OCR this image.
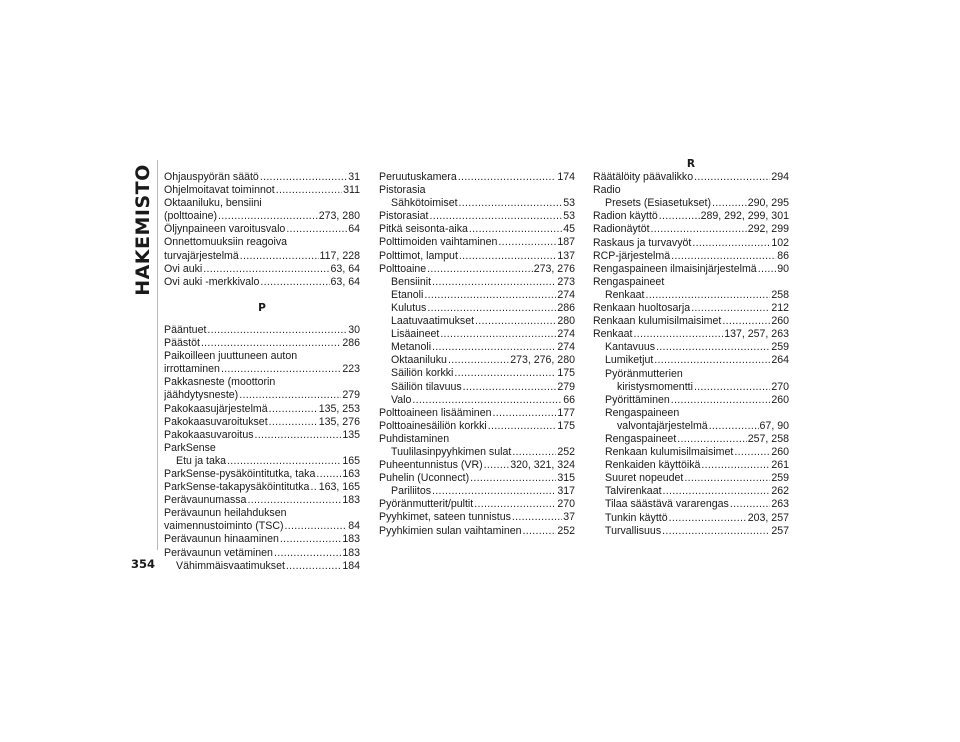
HAKEMISTO
354
Ohjauspyörän säätö .....	31
Ohjelmoitavat toiminnot .....	311
Oktaaniluku, bensiini
(polttoaine) .....	273, 280
Öljynpaineen varoitusvalo .....	64
Onnettomuuksiin reagoiva
turvajärjestelmä .....	117, 228
Ovi auki .....	63, 64
Ovi auki -merkkivalo .....	63, 64
P
Pääntuet .....	30
Päästöt .....	286
Paikoilleen juuttuneen auton
irrottaminen .....	223
Pakkasneste (moottorin
jäähdytysneste) .....	279
Pakokaasujärjestelmä .....	135, 253
Pakokaasuvaroitukset .....	135, 276
Pakokaasuvaroitus .....	135
ParkSense
Etu ja taka .....	165
ParkSense-pysäköintitutka, taka .....	163
ParkSense-takapysäköintitutka ..... 163, 165
Perävaunumassa .....	183
Perävaunun heilahduksen
vaimennustoiminto (TSC) .....	84
Perävaunun hinaaminen .....	183
Perävaunun vetäminen .....	183
Vähimmäisvaatimukset .....	184
Peruutuskamera .....	174
Pistorasia
Sähkötoimiset .....	53
Pistorasiat .....	53
Pitkä seisonta-aika .....	45
Polttimoiden vaihtaminen .....	187
Polttimot, lamput .....	137
Polttoaine .....	273, 276
Bensiinit .....	273
Etanoli .....	274
Kulutus .....	286
Laatuvaatimukset .....	280
Lisäaineet .....	274
Metanoli .....	274
Oktaaniluku .....	273, 276, 280
Säiliön korkki .....	175
Säiliön tilavuus .....	279
Valo .....	66
Polttoaineen lisääminen .....	177
Polttoainesäiliön korkki .....	175
Puhdistaminen
Tuulilasinpyyhkimen sulat .....	252
Puheentunnistus (VR) .....	320, 321, 324
Puhelin (Uconnect) .....	315
Pariliitos .....	317
Pyöränmutterit/pultit .....	270
Pyyhkimet, sateen tunnistus .....	37
Pyyhkimien sulan vaihtaminen .....	252
R
Räätälöity päävalikko .....	294
Radio
Presets (Esiasetukset) .....	290, 295
Radion käyttö .....	289, 292, 299, 301
Radionäytöt .....	292, 299
Raskaus ja turvavyöt .....	102
RCP-järjestelmä .....	86
Rengaspaineen ilmaisinjärjestelmä ..... 90
Rengaspaineet
Renkaat .....	258
Renkaan huoltosarja .....	212
Renkaan kulumisilmaisimet .....	260
Renkaat .....	137, 257, 263
Kantavuus .....	259
Lumiketjut .....	264
Pyöränmutterien
kiristysmomentti .....	270
Pyörittäminen .....	260
Rengaspaineen
valvontajärjestelmä .....	67, 90
Rengaspaineet .....	257, 258
Renkaan kulumisilmaisimet .....	260
Renkaiden käyttöikä .....	261
Suuret nopeudet .....	259
Talvirenkaat .....	262
Tilaa säästävä vararengas .....	263
Tunkin käyttö .....	203, 257
Turvallisuus .....	257
